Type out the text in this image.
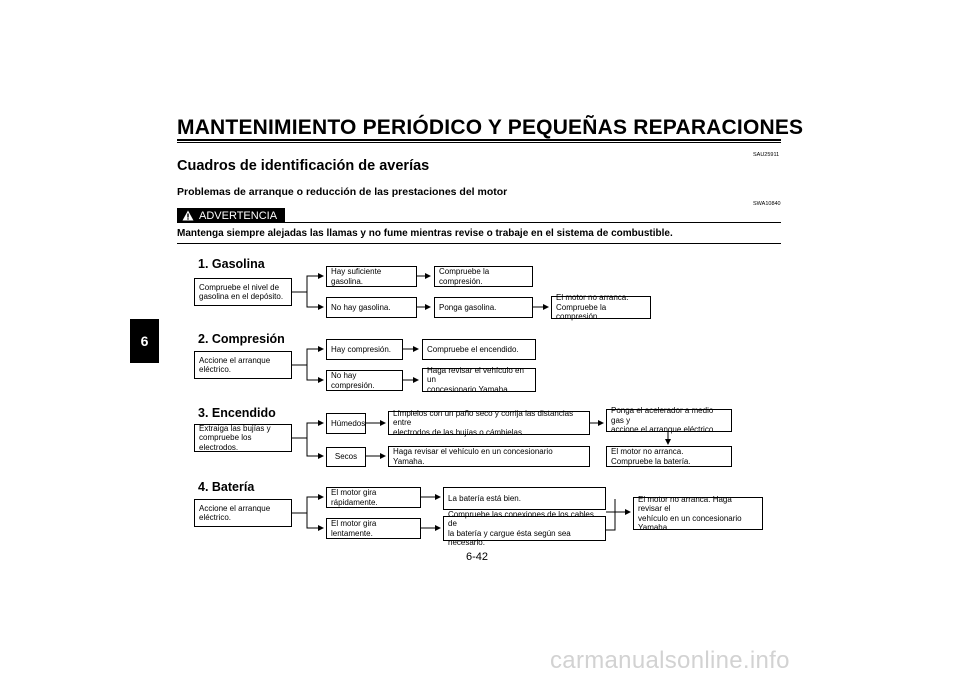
MANTENIMIENTO PERIÓDICO Y PEQUEÑAS REPARACIONES
SAU25911
Cuadros de identificación de averías
Problemas de arranque o reducción de las prestaciones del motor
SWA10840
ADVERTENCIA
Mantenga siempre alejadas las llamas y no fume mientras revise o trabaje en el sistema de combustible.
6
1. Gasolina
Compruebe el nivel de
gasolina en el depósito.
Hay suficiente gasolina.
Compruebe la compresión.
No hay gasolina.	Ponga gasolina.
El motor no arranca.
Compruebe la compresión.
2. Compresión
Accione el arranque
eléctrico.
Hay compresión.	Compruebe el encendido.
No hay compresión.
Haga revisar el vehículo en un
concesionario Yamaha.
3. Encendido
Extraiga las bujías y
compruebe los electrodos.
Húmedos
Límpielos con un paño seco y corrija las distancias entre
electrodos de las bujías o cámbielas.
Ponga el acelerador a medio gas y
accione el arranque eléctrico.
El motor no arranca.
Compruebe la batería.
Secos
Haga revisar el vehículo en un concesionario Yamaha.
4. Batería
Accione el arranque
eléctrico.
El motor gira rápidamente.	La batería está bien.
El motor gira lentamente.
Compruebe las conexiones de los cables de
la batería y cargue ésta según sea necesario.
El motor no arranca. Haga revisar el
vehículo en un concesionario
Yamaha.
6-42
carmanualsonline.info
